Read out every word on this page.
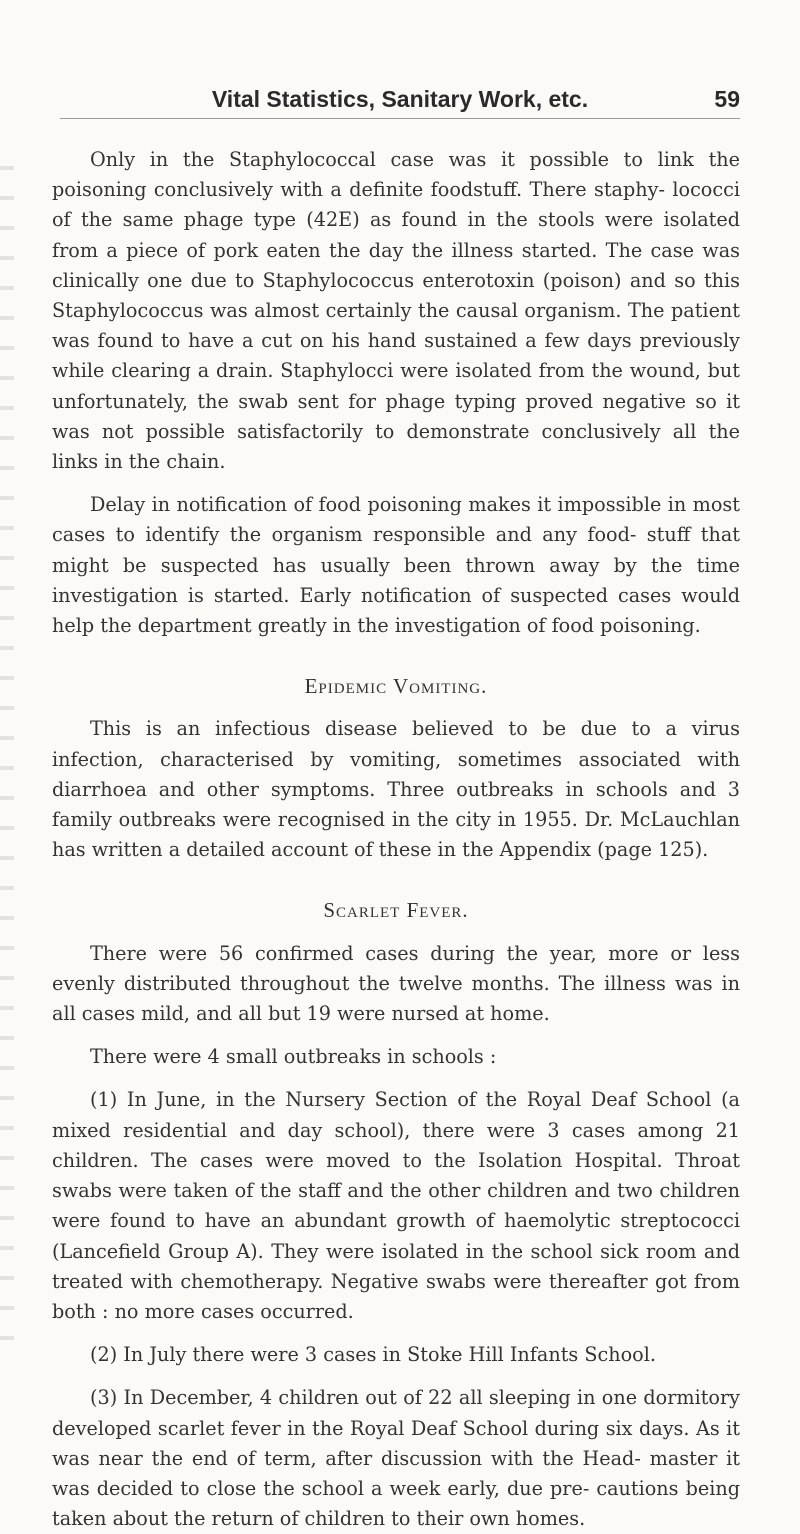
Vital Statistics, Sanitary Work, etc.	59

Only in the Staphylococcal case was it possible to link the poisoning conclusively with a definite foodstuff. There staphy- lococci of the same phage type (42E) as found in the stools were isolated from a piece of pork eaten the day the illness started. The case was clinically one due to Staphylococcus enterotoxin (poison) and so this Staphylococcus was almost certainly the causal organism. The patient was found to have a cut on his hand sustained a few days previously while clearing a drain. Staphylocci were isolated from the wound, but unfortunately, the swab sent for phage typing proved negative so it was not possible satisfactorily to demonstrate conclusively all the links in the chain.

Delay in notification of food poisoning makes it impossible in most cases to identify the organism responsible and any food- stuff that might be suspected has usually been thrown away by the time investigation is started. Early notification of suspected cases would help the department greatly in the investigation of food poisoning.

Epidemic Vomiting.

This is an infectious disease believed to be due to a virus infection, characterised by vomiting, sometimes associated with diarrhoea and other symptoms. Three outbreaks in schools and 3 family outbreaks were recognised in the city in 1955. Dr. McLauchlan has written a detailed account of these in the Appendix (page 125).

Scarlet Fever.

There were 56 confirmed cases during the year, more or less evenly distributed throughout the twelve months. The illness was in all cases mild, and all but 19 were nursed at home.

There were 4 small outbreaks in schools :

(1) In June, in the Nursery Section of the Royal Deaf School (a mixed residential and day school), there were 3 cases among 21 children. The cases were moved to the Isolation Hospital. Throat swabs were taken of the staff and the other children and two children were found to have an abundant growth of haemolytic streptococci (Lancefield Group A). They were isolated in the school sick room and treated with chemotherapy. Negative swabs were thereafter got from both : no more cases occurred.

(2) In July there were 3 cases in Stoke Hill Infants School.

(3) In December, 4 children out of 22 all sleeping in one dormitory developed scarlet fever in the Royal Deaf School during six days. As it was near the end of term, after discussion with the Head- master it was decided to close the school a week early, due pre- cautions being taken about the return of children to their own homes.
